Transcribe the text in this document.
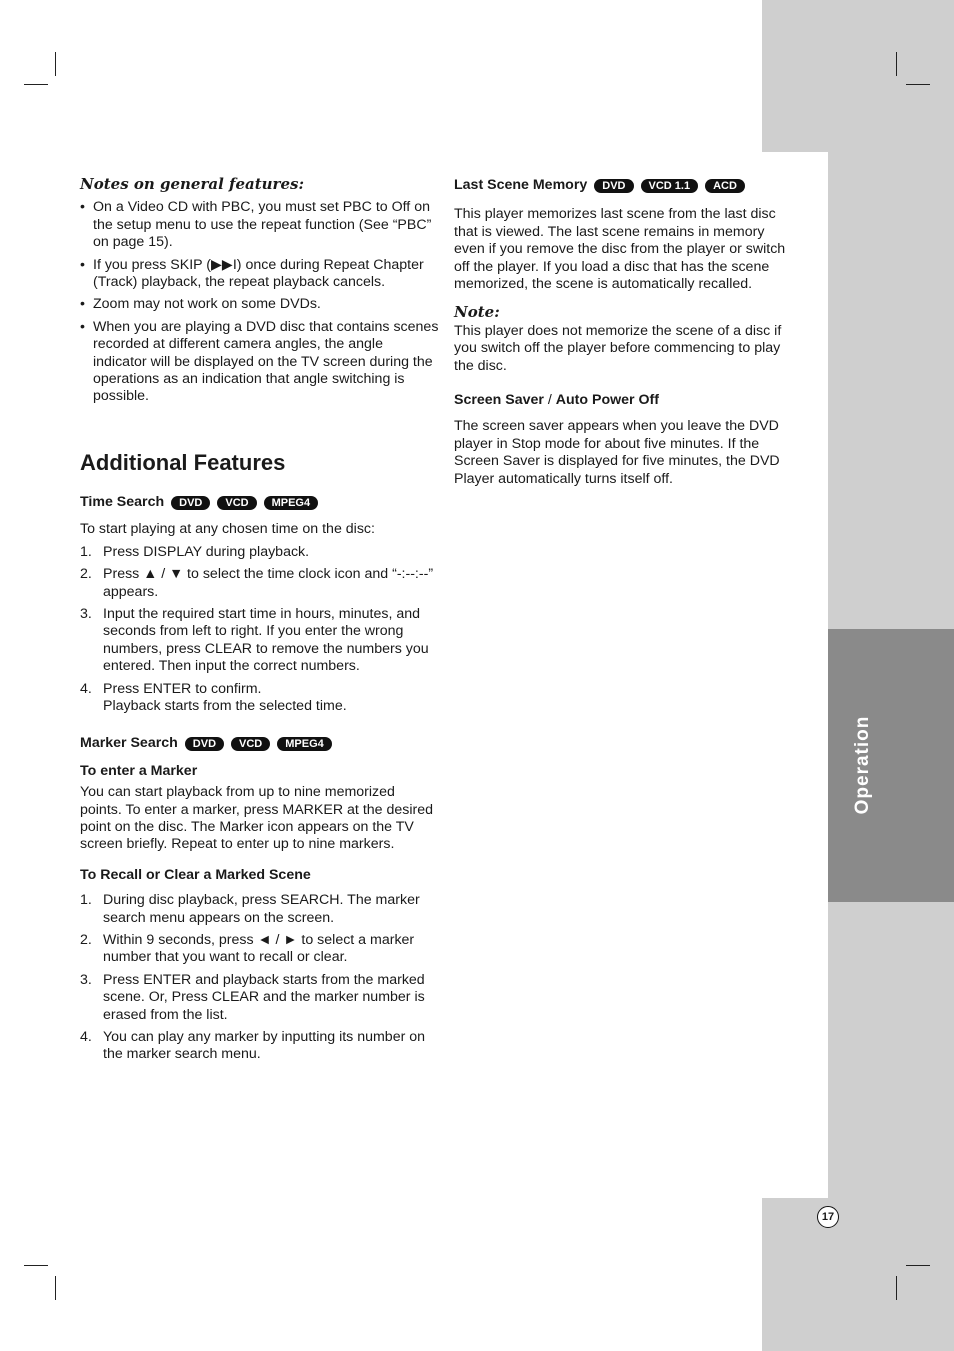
Operation
17
Notes on general features:
• On a Video CD with PBC, you must set PBC to Off on the setup menu to use the repeat function (See “PBC” on page 15).
• If you press SKIP (▶▶I) once during Repeat Chapter (Track) playback, the repeat playback cancels.
• Zoom may not work on some DVDs.
• When you are playing a DVD disc that contains scenes recorded at different camera angles, the angle indicator will be displayed on the TV screen during the operations as an indication that angle switching is possible.
Additional Features
Time Search	DVD	VCD	MPEG4

To start playing at any chosen time on the disc:

1. Press DISPLAY during playback.
2. Press ▲ / ▼ to select the time clock icon and “-:--:--” appears.
3. Input the required start time in hours, minutes, and seconds from left to right. If you enter the wrong numbers, press CLEAR to remove the numbers you entered. Then input the correct numbers.
4. Press ENTER to confirm.
Playback starts from the selected time.
Marker Search	DVD	VCD	MPEG4

To enter a Marker

You can start playback from up to nine memorized points. To enter a marker, press MARKER at the desired point on the disc. The Marker icon appears on the TV screen briefly. Repeat to enter up to nine markers.

To Recall or Clear a Marked Scene

1. During disc playback, press SEARCH. The marker search menu appears on the screen.
2. Within 9 seconds, press ◄ / ► to select a marker number that you want to recall or clear.
3. Press ENTER and playback starts from the marked scene. Or, Press CLEAR and the marker number is erased from the list.
4. You can play any marker by inputting its number on the marker search menu.
Last Scene Memory	DVD	VCD 1.1	ACD

This player memorizes last scene from the last disc that is viewed. The last scene remains in memory even if you remove the disc from the player or switch off the player. If you load a disc that has the scene memorized, the scene is automatically recalled.

Note:

This player does not memorize the scene of a disc if you switch off the player before commencing to play the disc.

Screen Saver / Auto Power Off

The screen saver appears when you leave the DVD player in Stop mode for about five minutes. If the Screen Saver is displayed for five minutes, the DVD Player automatically turns itself off.
